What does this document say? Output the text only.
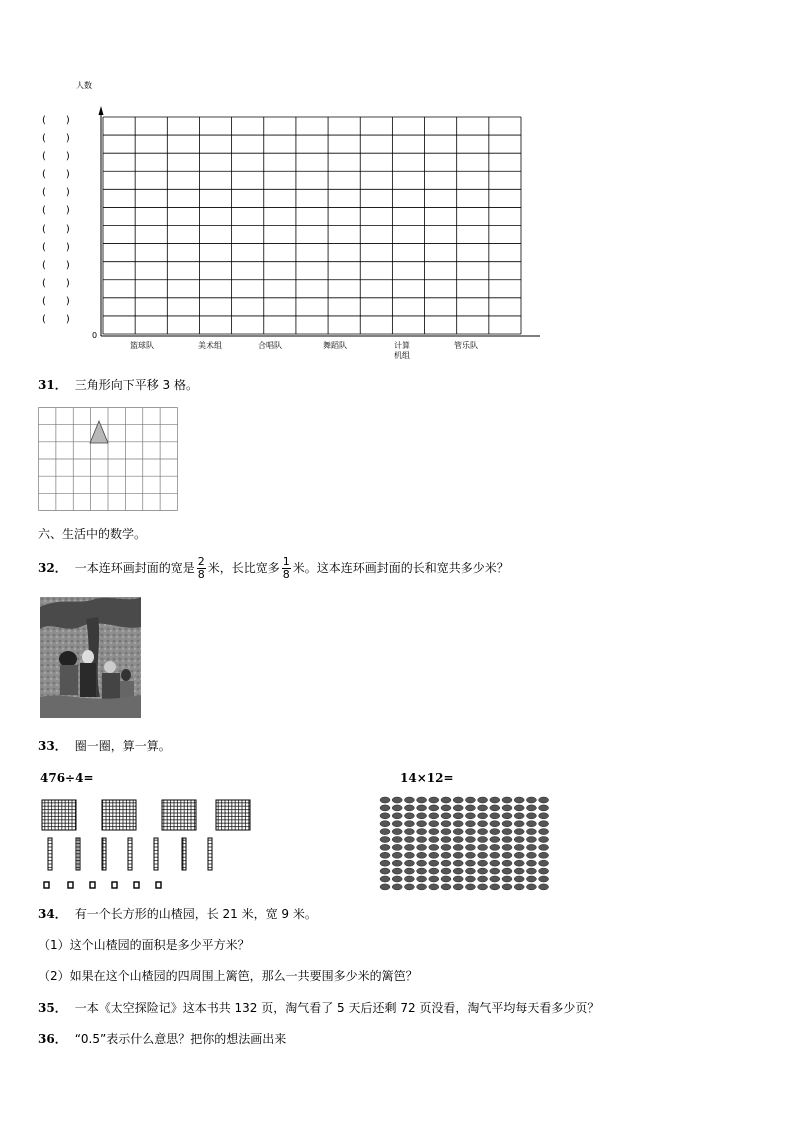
人数
0
(　　)
(　　)
(　　)
(　　)
(　　)
(　　)
(　　)
(　　)
(　　)
(　　)
(　　)
(　　)
篮球队	美术组	合唱队	舞蹈队	计算
机组
管乐队
31． 三角形向下平移 3 格。
六、生活中的数学。
32． 一本连环画封面的宽是 $\frac{2}{8}$ 米，长比宽多 $\frac{1}{8}$ 米。这本连环画封面的长和宽共多少米？
33． 圈一圈，算一算。
476÷4=	14×12=
34． 有一个长方形的山楂园，长 21 米，宽 9 米。
（1）这个山楂园的面积是多少平方米？
（2）如果在这个山楂园的四周围上篱笆，那么一共要围多少米的篱笆？
35． 一本《太空探险记》这本书共 132 页，淘气看了 5 天后还剩 72 页没看，淘气平均每天看多少页？
36． “0.5”表示什么意思？把你的想法画出来
